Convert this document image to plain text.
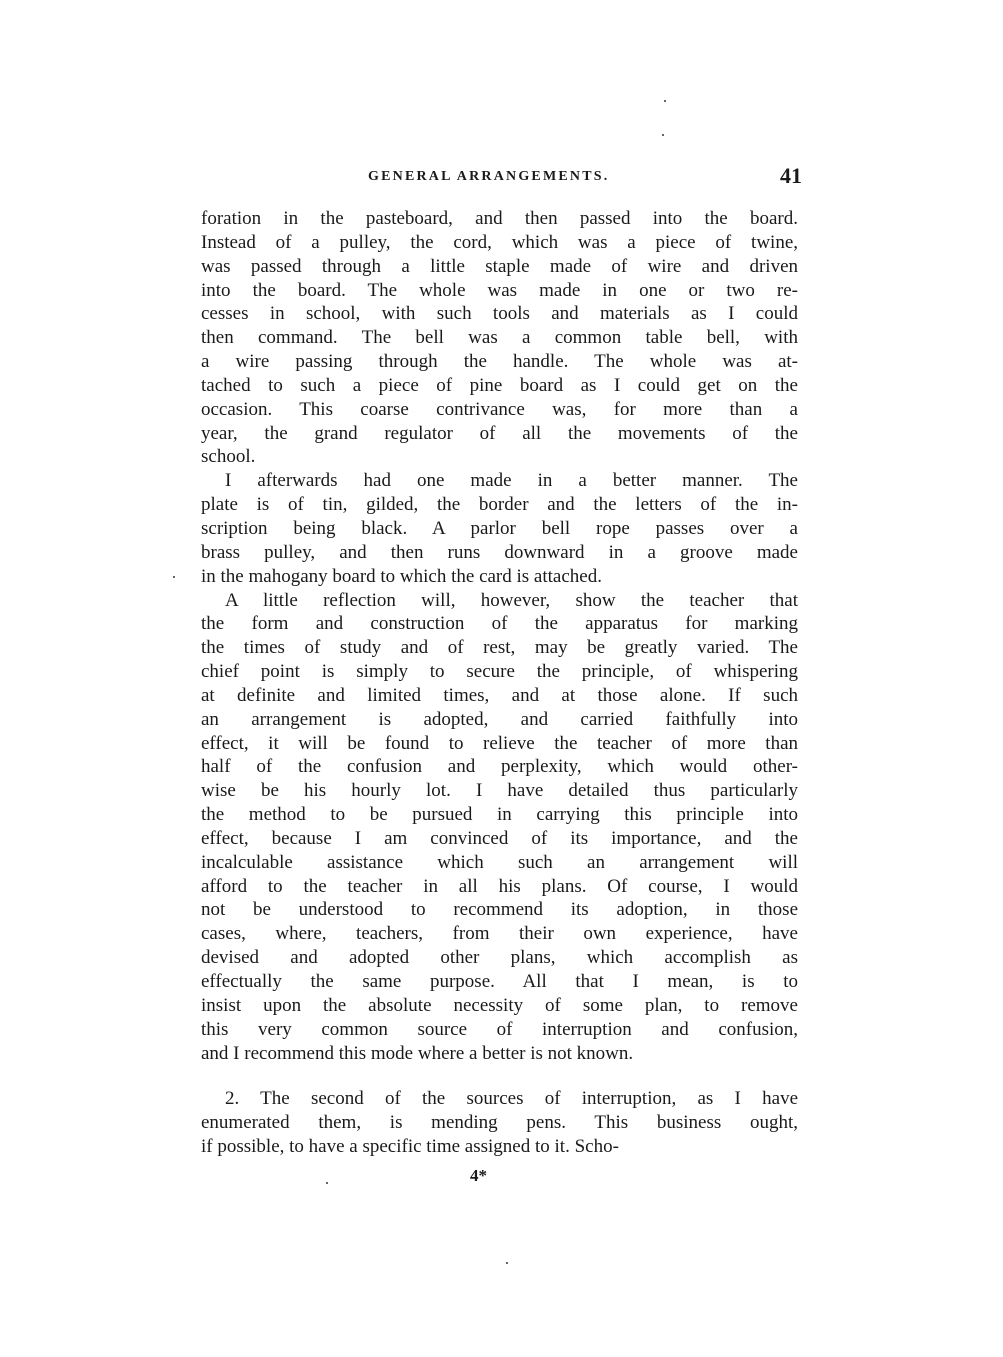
GENERAL ARRANGEMENTS.	41
foration in the pasteboard, and then passed into the board.
Instead of a pulley, the cord, which was a piece of twine,
was passed through a little staple made of wire and driven
into the board. The whole was made in one or two re-
cesses in school, with such tools and materials as I could
then command. The bell was a common table bell, with
a wire passing through the handle. The whole was at-
tached to such a piece of pine board as I could get on the
occasion. This coarse contrivance was, for more than a
year, the grand regulator of all the movements of the
school.
I afterwards had one made in a better manner. The
plate is of tin, gilded, the border and the letters of the in-
scription being black. A parlor bell rope passes over a
brass pulley, and then runs downward in a groove made
in the mahogany board to which the card is attached.
A little reflection will, however, show the teacher that
the form and construction of the apparatus for marking
the times of study and of rest, may be greatly varied. The
chief point is simply to secure the principle, of whispering
at definite and limited times, and at those alone. If such
an arrangement is adopted, and carried faithfully into
effect, it will be found to relieve the teacher of more than
half of the confusion and perplexity, which would other-
wise be his hourly lot. I have detailed thus particularly
the method to be pursued in carrying this principle into
effect, because I am convinced of its importance, and the
incalculable assistance which such an arrangement will
afford to the teacher in all his plans. Of course, I would
not be understood to recommend its adoption, in those
cases, where, teachers, from their own experience, have
devised and adopted other plans, which accomplish as
effectually the same purpose. All that I mean, is to
insist upon the absolute necessity of some plan, to remove
this very common source of interruption and confusion,
and I recommend this mode where a better is not known.
2. The second of the sources of interruption, as I have
enumerated them, is mending pens. This business ought,
if possible, to have a specific time assigned to it. Scho-
4*
